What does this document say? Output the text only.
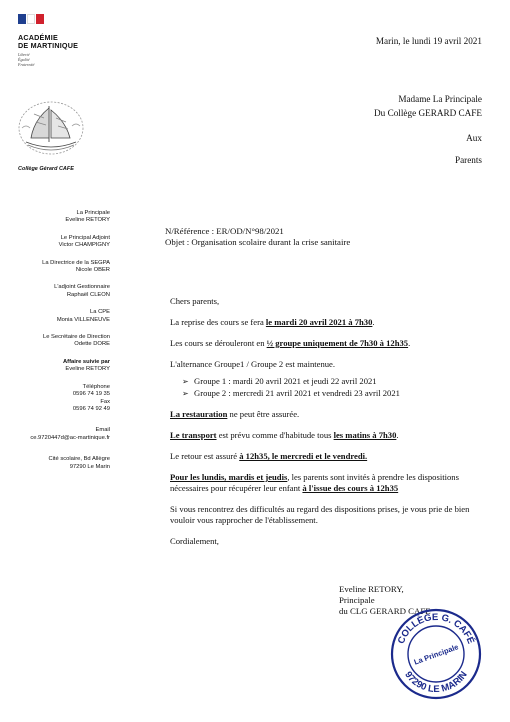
ACADÉMIE
DE MARTINIQUE
Liberté
Égalité
Fraternité
Collège Gérard CAFE
Marin, le lundi 19 avril 2021
Madame La Principale
Du Collège GERARD CAFE
Aux
Parents
La Principale
Eveline RETORY
Le Principal Adjoint
Victor CHAMPIGNY
La Directrice de la SEGPA
Nicole OBER
L'adjoint Gestionnaire
Raphaël CLEON
La CPE
Monia VILLENEUVE
Le Secrétaire de Direction
Odette DORE
Affaire suivie par
Eveline RETORY
Téléphone
0596 74 19 35
Fax
0596 74 92 49
Email
ce.9720447d@ac-martinique.fr
Cité scolaire, Bd Allègre
97290 Le Marin
N/Référence : ER/OD/N°98/2021
Objet : Organisation scolaire durant la crise sanitaire

Chers parents,

La reprise des cours se fera le mardi 20 avril 2021 à 7h30.

Les cours se dérouleront en ½ groupe uniquement de 7h30 à 12h35.

L'alternance Groupe1 / Groupe 2 est maintenue.

➢ Groupe 1 : mardi 20 avril 2021 et jeudi 22 avril 2021
➢ Groupe 2 : mercredi 21 avril 2021 et vendredi 23 avril 2021

La restauration ne peut être assurée.

Le transport est prévu comme d'habitude tous les matins à 7h30.

Le retour est assuré à 12h35, le mercredi et le vendredi.

Pour les lundis, mardis et jeudis, les parents sont invités à prendre les dispositions nécessaires pour récupérer leur enfant à l'issue des cours à 12h35

Si vous rencontrez des difficultés au regard des dispositions prises, je vous prie de bien vouloir vous rapprocher de l'établissement.

Cordialement,

Eveline RETORY,
Principale
du CLG GERARD CAFE
COLLÈGE G. CAFÉ
97290 LE MARIN
La Principale
